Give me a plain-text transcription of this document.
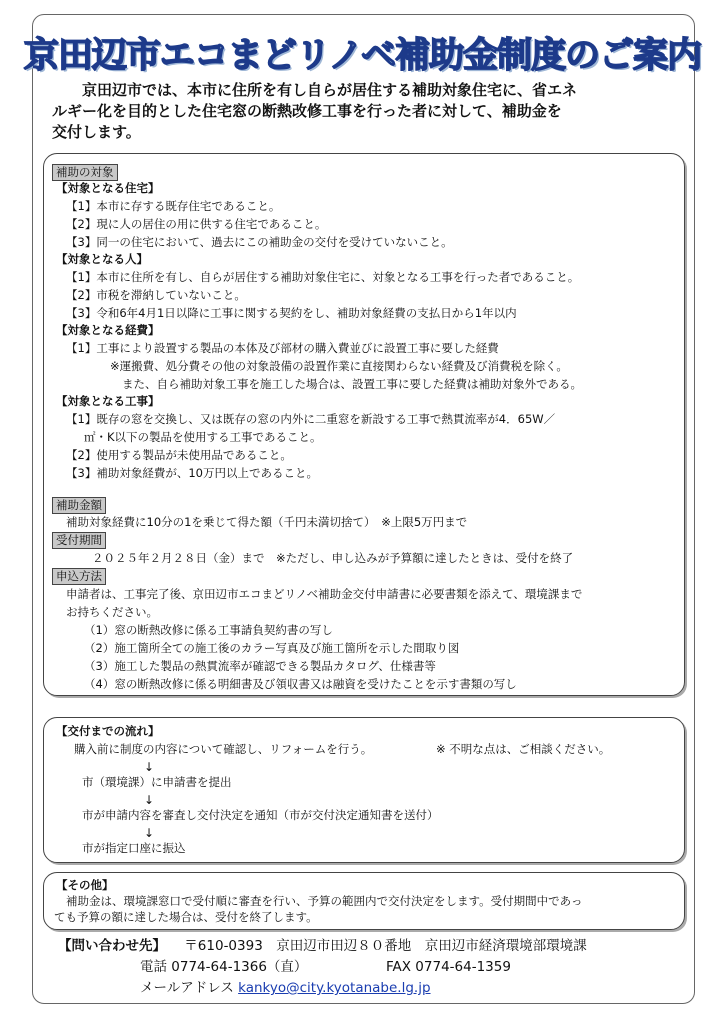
京田辺市エコまどリノベ補助金制度のご案内

京田辺市では、本市に住所を有し自らが居住する補助対象住宅に、省エネ

ルギー化を目的とした住宅窓の断熱改修工事を行った者に対して、補助金を

交付します。

補助の対象
【対象となる住宅】
【1】本市に存する既存住宅であること。
【2】現に人の居住の用に供する住宅であること。
【3】同一の住宅において、過去にこの補助金の交付を受けていないこと。
【対象となる人】
【1】本市に住所を有し、自らが居住する補助対象住宅に、対象となる工事を行った者であること。
【2】市税を滞納していないこと。
【3】令和6年4月1日以降に工事に関する契約をし、補助対象経費の支払日から1年以内
【対象となる経費】
【1】工事により設置する製品の本体及び部材の購入費並びに設置工事に要した経費
※運搬費、処分費その他の対象設備の設置作業に直接関わらない経費及び消費税を除く。
また、自ら補助対象工事を施工した場合は、設置工事に要した経費は補助対象外である。
【対象となる工事】
【1】既存の窓を交換し、又は既存の窓の内外に二重窓を新設する工事で熱貫流率が4．65W／
㎡・K以下の製品を使用する工事であること。
【2】使用する製品が未使用品であること。
【3】補助対象経費が、10万円以上であること。
補助金額
補助対象経費に10分の1を乗じて得た額（千円未満切捨て）　※上限5万円まで
受付期間
２０２５年２月２８日（金）まで　※ただし、申し込みが予算額に達したときは、受付を終了
申込方法
申請者は、工事完了後、京田辺市エコまどリノベ補助金交付申請書に必要書類を添えて、環境課まで
お持ちください。
（1）窓の断熱改修に係る工事請負契約書の写し
（2）施工箇所全ての施工後のカラー写真及び施工箇所を示した間取り図
（3）施工した製品の熱貫流率が確認できる製品カタログ、仕様書等
（4）窓の断熱改修に係る明細書及び領収書又は融資を受けたことを示す書類の写し
【交付までの流れ】
購入前に制度の内容について確認し、リフォームを行う。	※ 不明な点は、ご相談ください。
↓
市（環境課）に申請書を提出
↓
市が申請内容を審査し交付決定を通知（市が交付決定通知書を送付）
↓
市が指定口座に振込
【その他】
補助金は、環境課窓口で受付順に審査を行い、予算の範囲内で交付決定をします。受付期間中であっ
ても予算の額に達した場合は、受付を終了します。
【問い合わせ先】 〒610-0393　京田辺市田辺８０番地　京田辺市経済環境部環境課
電話 0774-64-1366（直）	FAX 0774-64-1359
メールアドレス kankyo@city.kyotanabe.lg.jp
